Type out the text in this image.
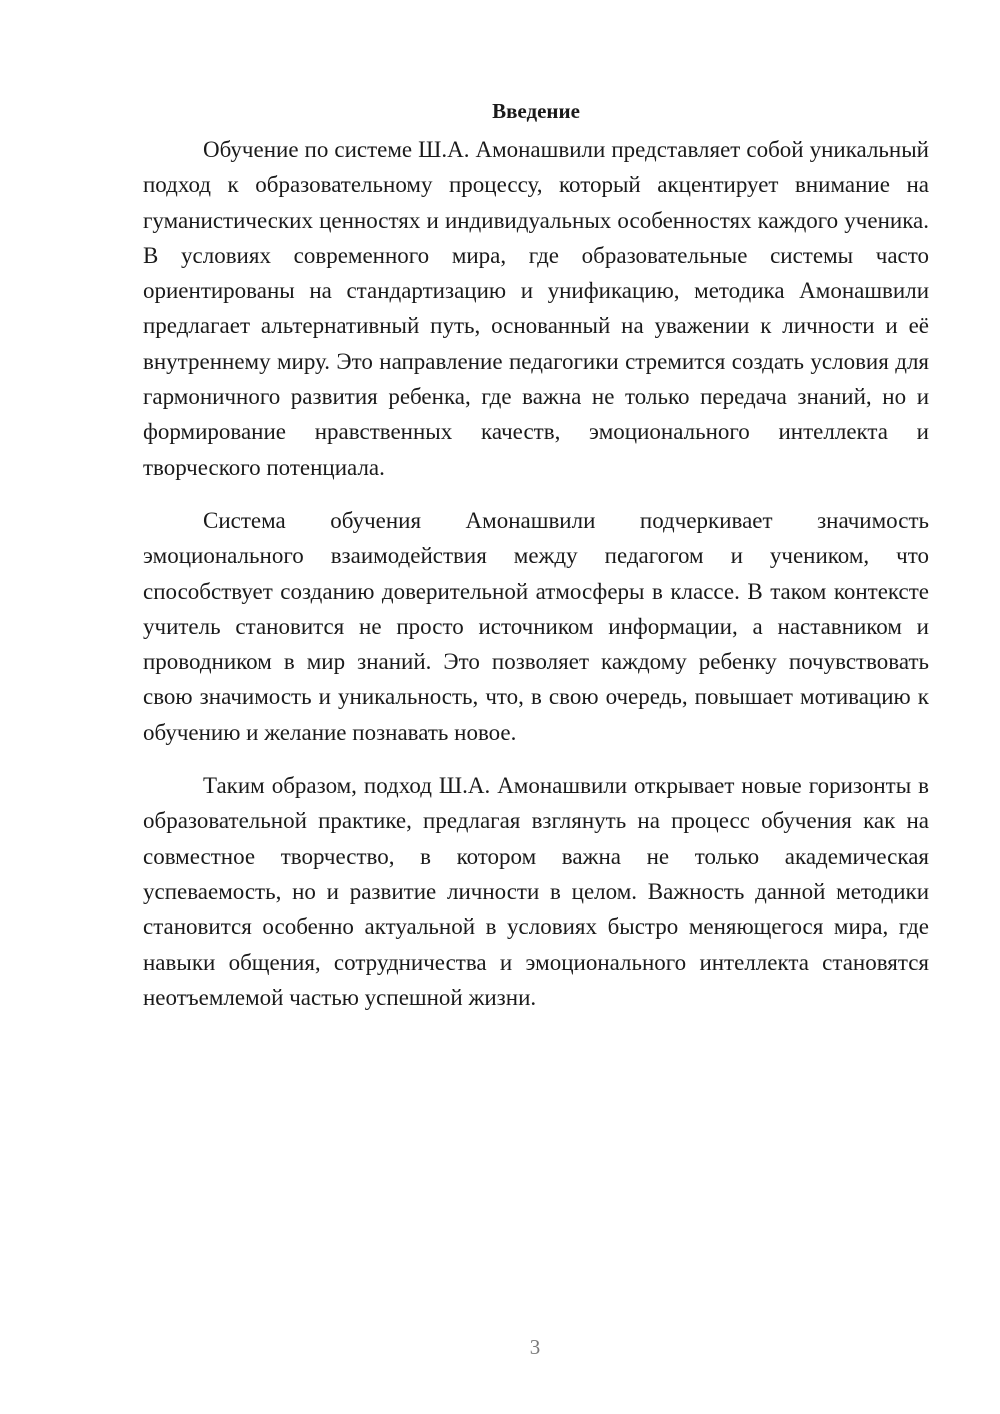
Введение

Обучение по системе Ш.А. Амонашвили представляет собой уникальный подход к образовательному процессу, который акцентирует внимание на гуманистических ценностях и индивидуальных особенностях каждого ученика. В условиях современного мира, где образовательные системы часто ориентированы на стандартизацию и унификацию, методика Амонашвили предлагает альтернативный путь, основанный на уважении к личности и её внутреннему миру. Это направление педагогики стремится создать условия для гармоничного развития ребенка, где важна не только передача знаний, но и формирование нравственных качеств, эмоционального интеллекта и творческого потенциала.

Система обучения Амонашвили подчеркивает значимость эмоционального взаимодействия между педагогом и учеником, что способствует созданию доверительной атмосферы в классе. В таком контексте учитель становится не просто источником информации, а наставником и проводником в мир знаний. Это позволяет каждому ребенку почувствовать свою значимость и уникальность, что, в свою очередь, повышает мотивацию к обучению и желание познавать новое.

Таким образом, подход Ш.А. Амонашвили открывает новые горизонты в образовательной практике, предлагая взглянуть на процесс обучения как на совместное творчество, в котором важна не только академическая успеваемость, но и развитие личности в целом. Важность данной методики становится особенно актуальной в условиях быстро меняющегося мира, где навыки общения, сотрудничества и эмоционального интеллекта становятся неотъемлемой частью успешной жизни.

3
